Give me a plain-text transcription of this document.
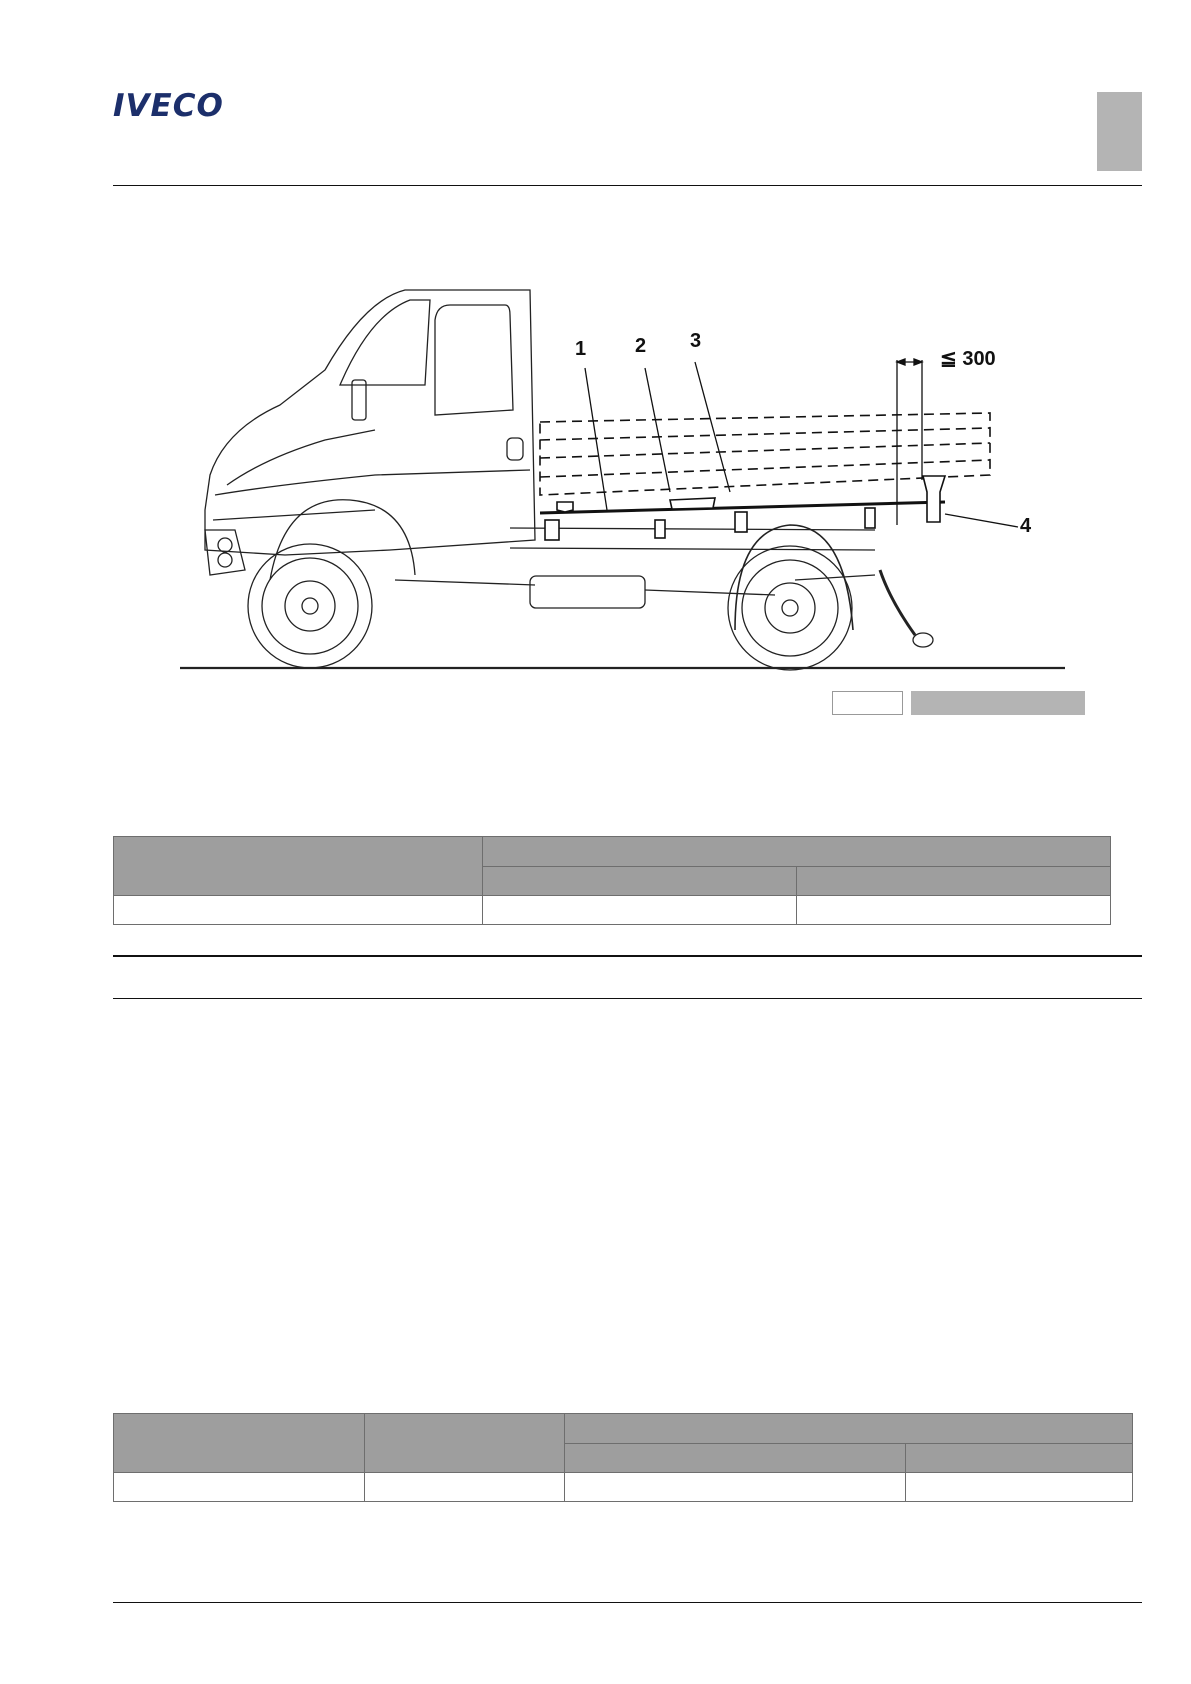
IVECO
1 2 3
4
≦ 300
